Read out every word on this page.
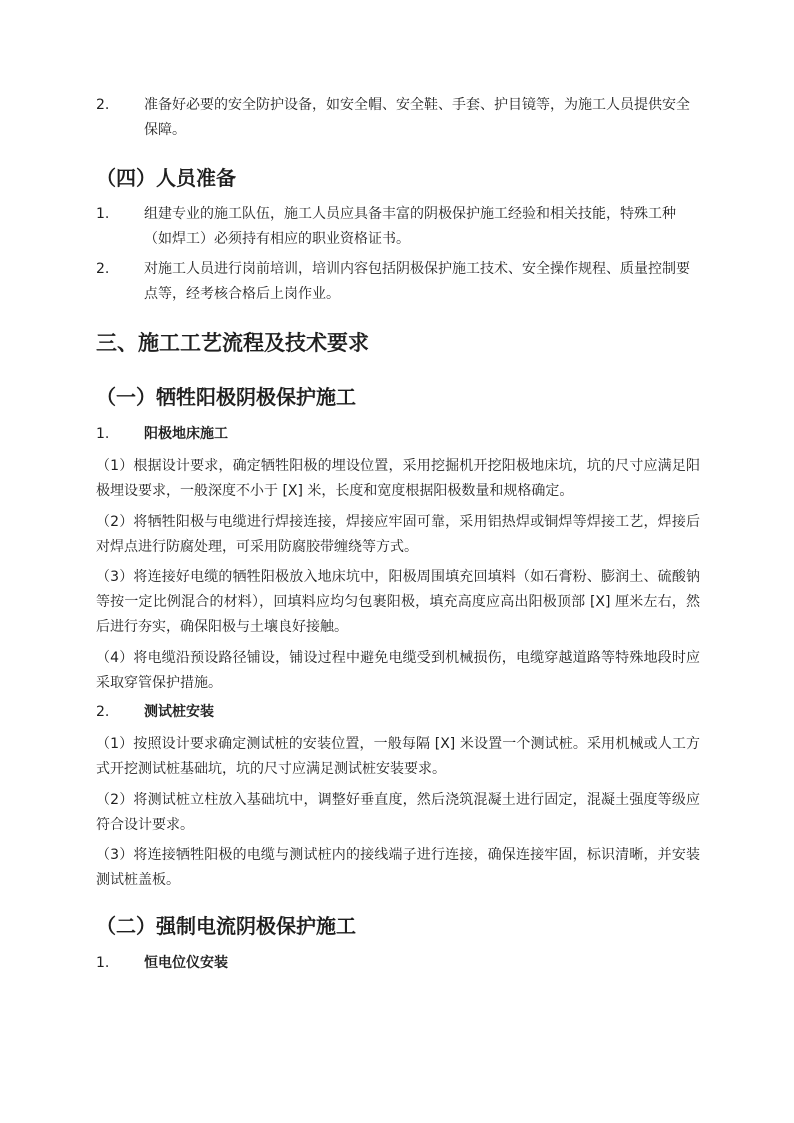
2.	准备好必要的安全防护设备，如安全帽、安全鞋、手套、护目镜等，为施工人员提供安全保障。
（四）人员准备
1.	组建专业的施工队伍，施工人员应具备丰富的阴极保护施工经验和相关技能，特殊工种（如焊工）必须持有相应的职业资格证书。
2.	对施工人员进行岗前培训，培训内容包括阴极保护施工技术、安全操作规程、质量控制要点等，经考核合格后上岗作业。
三、施工工艺流程及技术要求
（一）牺牲阳极阴极保护施工
1. 阳极地床施工
（1）根据设计要求，确定牺牲阳极的埋设位置，采用挖掘机开挖阳极地床坑，坑的尺寸应满足阳极埋设要求，一般深度不小于 [X] 米，长度和宽度根据阳极数量和规格确定。
（2）将牺牲阳极与电缆进行焊接连接，焊接应牢固可靠，采用铝热焊或铜焊等焊接工艺，焊接后对焊点进行防腐处理，可采用防腐胶带缠绕等方式。
（3）将连接好电缆的牺牲阳极放入地床坑中，阳极周围填充回填料（如石膏粉、膨润土、硫酸钠等按一定比例混合的材料），回填料应均匀包裹阳极，填充高度应高出阳极顶部 [X] 厘米左右，然后进行夯实，确保阳极与土壤良好接触。
（4）将电缆沿预设路径铺设，铺设过程中避免电缆受到机械损伤，电缆穿越道路等特殊地段时应采取穿管保护措施。
2. 测试桩安装
（1）按照设计要求确定测试桩的安装位置，一般每隔 [X] 米设置一个测试桩。采用机械或人工方式开挖测试桩基础坑，坑的尺寸应满足测试桩安装要求。
（2）将测试桩立柱放入基础坑中，调整好垂直度，然后浇筑混凝土进行固定，混凝土强度等级应符合设计要求。
（3）将连接牺牲阳极的电缆与测试桩内的接线端子进行连接，确保连接牢固，标识清晰，并安装测试桩盖板。
（二）强制电流阴极保护施工
1. 恒电位仪安装
